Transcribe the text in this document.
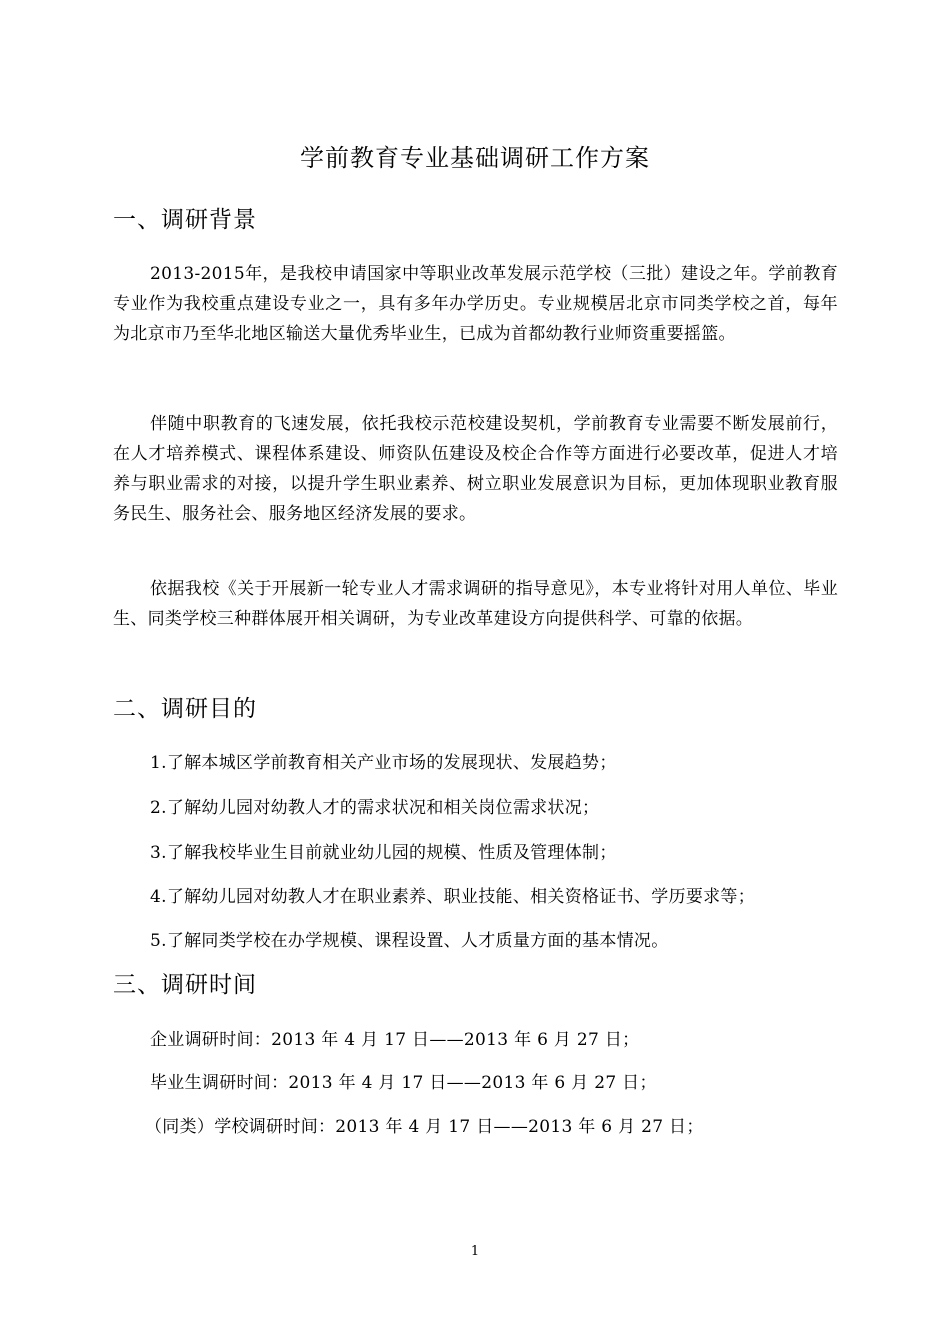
学前教育专业基础调研工作方案
一、调研背景

2013-2015年，是我校申请国家中等职业改革发展示范学校（三批）建设之年。学前教育专业作为我校重点建设专业之一，具有多年办学历史。专业规模居北京市同类学校之首，每年为北京市乃至华北地区输送大量优秀毕业生，已成为首都幼教行业师资重要摇篮。

伴随中职教育的飞速发展，依托我校示范校建设契机，学前教育专业需要不断发展前行，在人才培养模式、课程体系建设、师资队伍建设及校企合作等方面进行必要改革，促进人才培养与职业需求的对接，以提升学生职业素养、树立职业发展意识为目标，更加体现职业教育服务民生、服务社会、服务地区经济发展的要求。

依据我校《关于开展新一轮专业人才需求调研的指导意见》，本专业将针对用人单位、毕业生、同类学校三种群体展开相关调研，为专业改革建设方向提供科学、可靠的依据。

二、调研目的
1.了解本城区学前教育相关产业市场的发展现状、发展趋势；
2.了解幼儿园对幼教人才的需求状况和相关岗位需求状况；
3.了解我校毕业生目前就业幼儿园的规模、性质及管理体制；
4.了解幼儿园对幼教人才在职业素养、职业技能、相关资格证书、学历要求等；
5.了解同类学校在办学规模、课程设置、人才质量方面的基本情况。
三、调研时间
企业调研时间：2013 年 4 月 17 日——2013 年 6 月 27 日；
毕业生调研时间：2013 年 4 月 17 日——2013 年 6 月 27 日；
（同类）学校调研时间：2013 年 4 月 17 日——2013 年 6 月 27 日；
1
